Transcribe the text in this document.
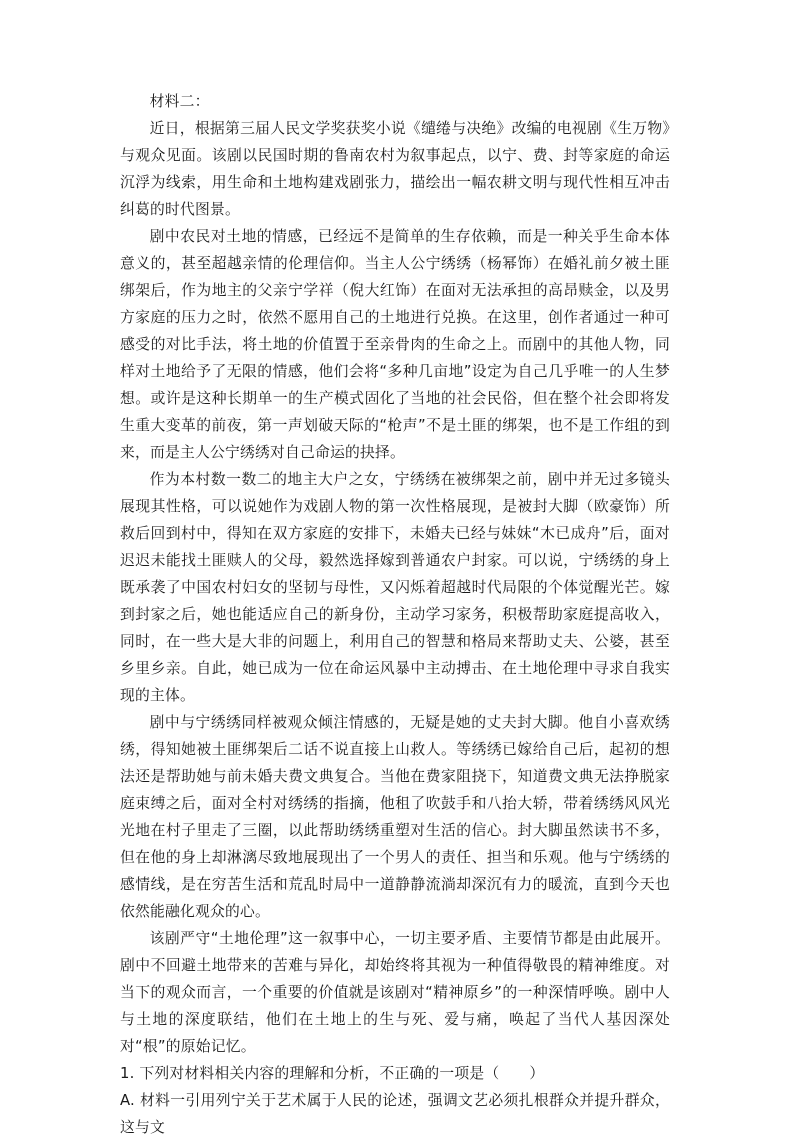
材料二：

近日，根据第三届人民文学奖获奖小说《缱绻与决绝》改编的电视剧《生万物》与观众见面。该剧以民国时期的鲁南农村为叙事起点，以宁、费、封等家庭的命运沉浮为线索，用生命和土地构建戏剧张力，描绘出一幅农耕文明与现代性相互冲击纠葛的时代图景。

剧中农民对土地的情感，已经远不是简单的生存依赖，而是一种关乎生命本体意义的，甚至超越亲情的伦理信仰。当主人公宁绣绣（杨幂饰）在婚礼前夕被土匪绑架后，作为地主的父亲宁学祥（倪大红饰）在面对无法承担的高昂赎金，以及男方家庭的压力之时，依然不愿用自己的土地进行兑换。在这里，创作者通过一种可感受的对比手法，将土地的价值置于至亲骨肉的生命之上。而剧中的其他人物，同样对土地给予了无限的情感，他们会将“多种几亩地”设定为自己几乎唯一的人生梦想。或许是这种长期单一的生产模式固化了当地的社会民俗，但在整个社会即将发生重大变革的前夜，第一声划破天际的“枪声”不是土匪的绑架，也不是工作组的到来，而是主人公宁绣绣对自己命运的抉择。

作为本村数一数二的地主大户之女，宁绣绣在被绑架之前，剧中并无过多镜头展现其性格，可以说她作为戏剧人物的第一次性格展现，是被封大脚（欧豪饰）所救后回到村中，得知在双方家庭的安排下，未婚夫已经与妹妹“木已成舟”后，面对迟迟未能找土匪赎人的父母，毅然选择嫁到普通农户封家。可以说，宁绣绣的身上既承袭了中国农村妇女的坚韧与母性，又闪烁着超越时代局限的个体觉醒光芒。嫁到封家之后，她也能适应自己的新身份，主动学习家务，积极帮助家庭提高收入，同时，在一些大是大非的问题上，利用自己的智慧和格局来帮助丈夫、公婆，甚至乡里乡亲。自此，她已成为一位在命运风暴中主动搏击、在土地伦理中寻求自我实现的主体。

剧中与宁绣绣同样被观众倾注情感的，无疑是她的丈夫封大脚。他自小喜欢绣绣，得知她被土匪绑架后二话不说直接上山救人。等绣绣已嫁给自己后，起初的想法还是帮助她与前未婚夫费文典复合。当他在费家阻挠下，知道费文典无法挣脱家庭束缚之后，面对全村对绣绣的指摘，他租了吹鼓手和八抬大轿，带着绣绣风风光光地在村子里走了三圈，以此帮助绣绣重塑对生活的信心。封大脚虽然读书不多，但在他的身上却淋漓尽致地展现出了一个男人的责任、担当和乐观。他与宁绣绣的感情线，是在穷苦生活和荒乱时局中一道静静流淌却深沉有力的暖流，直到今天也依然能融化观众的心。

该剧严守“土地伦理”这一叙事中心，一切主要矛盾、主要情节都是由此展开。剧中不回避土地带来的苦难与异化，却始终将其视为一种值得敬畏的精神维度。对当下的观众而言，一个重要的价值就是该剧对“精神原乡”的一种深情呼唤。剧中人与土地的深度联结，他们在土地上的生与死、爱与痛，唤起了当代人基因深处对“根”的原始记忆。

1. 下列对材料相关内容的理解和分析，不正确的一项是（　　）

A. 材料一引用列宁关于艺术属于人民的论述，强调文艺必须扎根群众并提升群众，这与文
